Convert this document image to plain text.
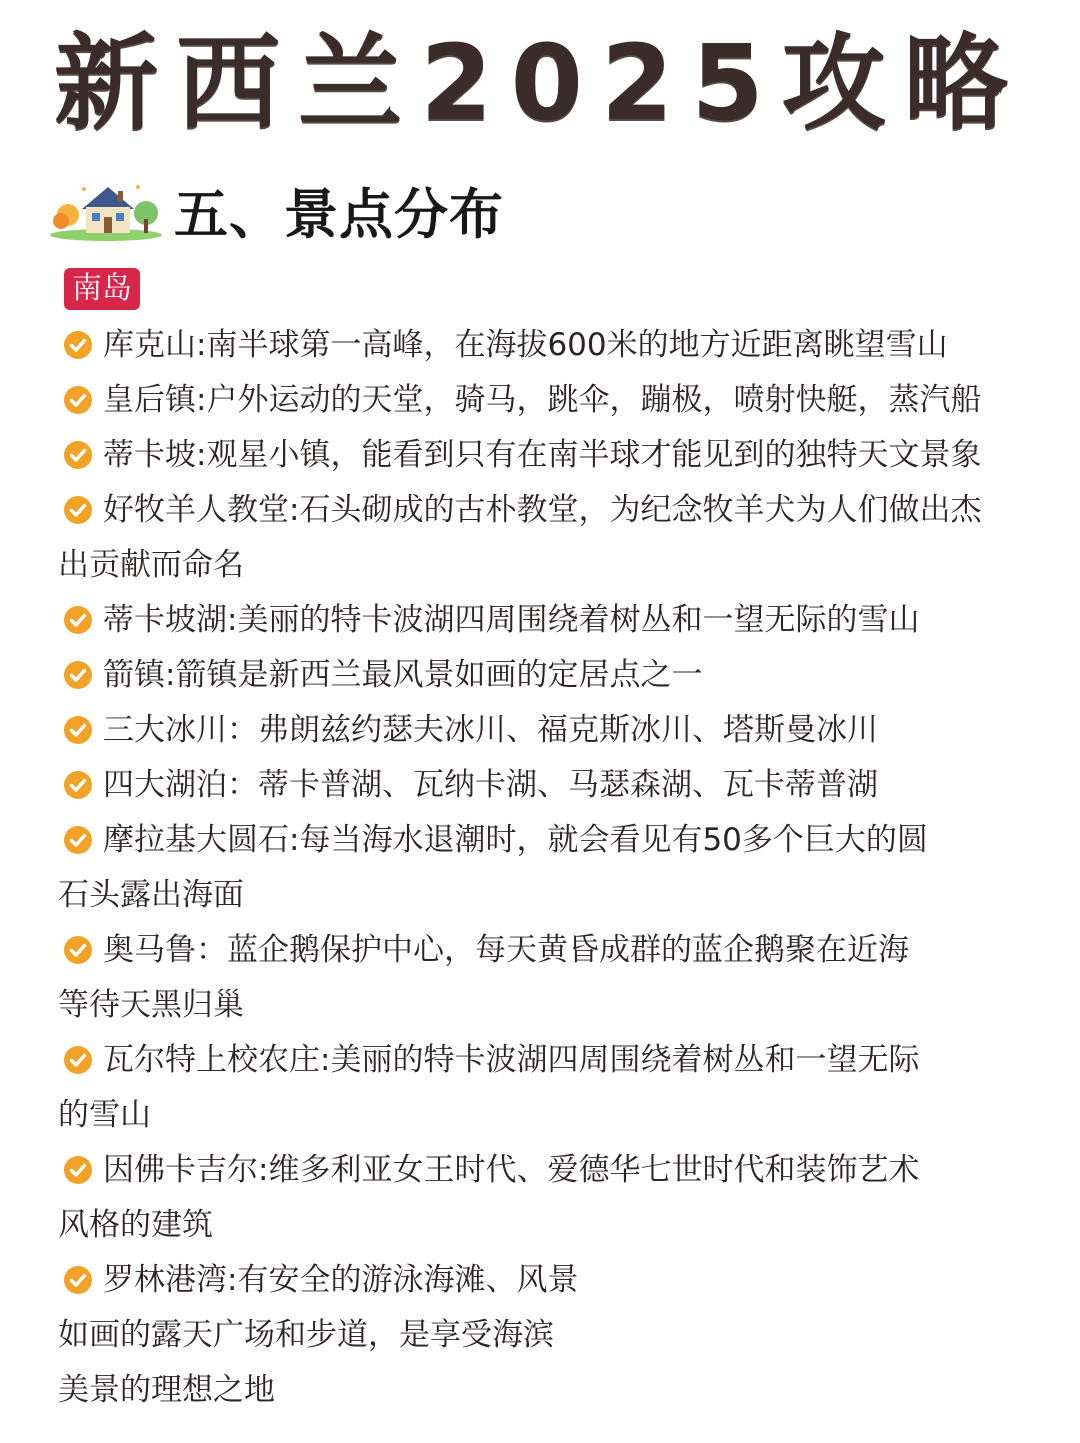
新西兰2025攻略
五、景点分布
南岛
库克山:南半球第一高峰，在海拔600米的地方近距离眺望雪山
皇后镇:户外运动的天堂，骑马，跳伞，蹦极，喷射快艇，蒸汽船
蒂卡坡:观星小镇，能看到只有在南半球才能见到的独特天文景象
好牧羊人教堂:石头砌成的古朴教堂，为纪念牧羊犬为人们做出杰
出贡献而命名
蒂卡坡湖:美丽的特卡波湖四周围绕着树丛和一望无际的雪山
箭镇:箭镇是新西兰最风景如画的定居点之一
三大冰川：弗朗兹约瑟夫冰川、福克斯冰川、塔斯曼冰川
四大湖泊：蒂卡普湖、瓦纳卡湖、马瑟森湖、瓦卡蒂普湖
摩拉基大圆石:每当海水退潮时，就会看见有50多个巨大的圆
石头露出海面
奥马鲁：蓝企鹅保护中心，每天黄昏成群的蓝企鹅聚在近海
等待天黑归巢
瓦尔特上校农庄:美丽的特卡波湖四周围绕着树丛和一望无际
的雪山
因佛卡吉尔:维多利亚女王时代、爱德华七世时代和装饰艺术
风格的建筑
罗林港湾:有安全的游泳海滩、风景
如画的露天广场和步道，是享受海滨
美景的理想之地
